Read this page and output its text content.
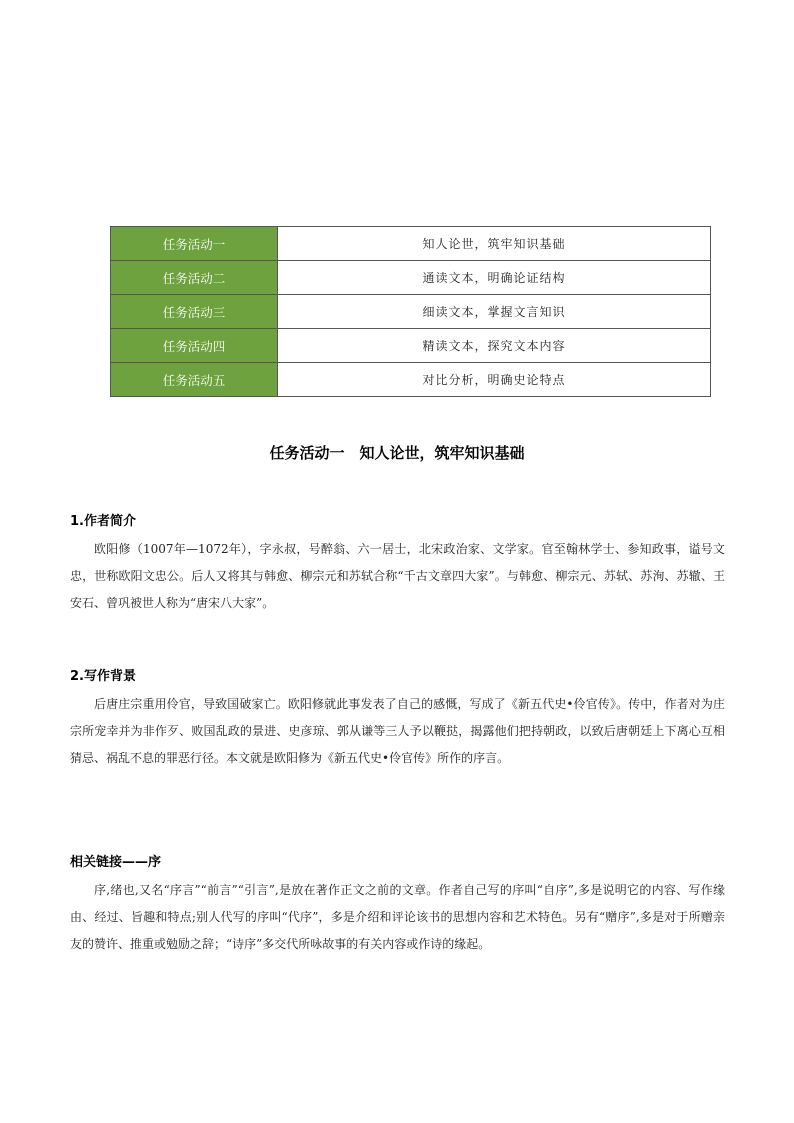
任务活动一	知人论世，筑牢知识基础
任务活动二	通读文本，明确论证结构
任务活动三	细读文本，掌握文言知识
任务活动四	精读文本，探究文本内容
任务活动五	对比分析，明确史论特点
任务活动一　知人论世，筑牢知识基础
1.作者简介

欧阳修（1007年—1072年），字永叔，号醉翁、六一居士，北宋政治家、文学家。官至翰林学士、参知政事，谥号文忠，世称欧阳文忠公。后人又将其与韩愈、柳宗元和苏轼合称“千古文章四大家”。与韩愈、柳宗元、苏轼、苏洵、苏辙、王安石、曾巩被世人称为“唐宋八大家”。

2.写作背景

后唐庄宗重用伶官，导致国破家亡。欧阳修就此事发表了自己的感慨，写成了《新五代史•伶官传》。传中，作者对为庄宗所宠幸并为非作歹、败国乱政的景进、史彦琼、郭从谦等三人予以鞭挞，揭露他们把持朝政，以致后唐朝廷上下离心互相猜忌、祸乱不息的罪恶行径。本文就是欧阳修为《新五代史•伶官传》所作的序言。

相关链接——序

序,绪也,又名“序言”“前言”“引言”,是放在著作正文之前的文章。作者自己写的序叫“自序”,多是说明它的内容、写作缘由、经过、旨趣和特点;别人代写的序叫“代序”，多是介绍和评论该书的思想内容和艺术特色。另有“赠序”,多是对于所赠亲友的赞许、推重或勉励之辞；“诗序”多交代所咏故事的有关内容或作诗的缘起。
